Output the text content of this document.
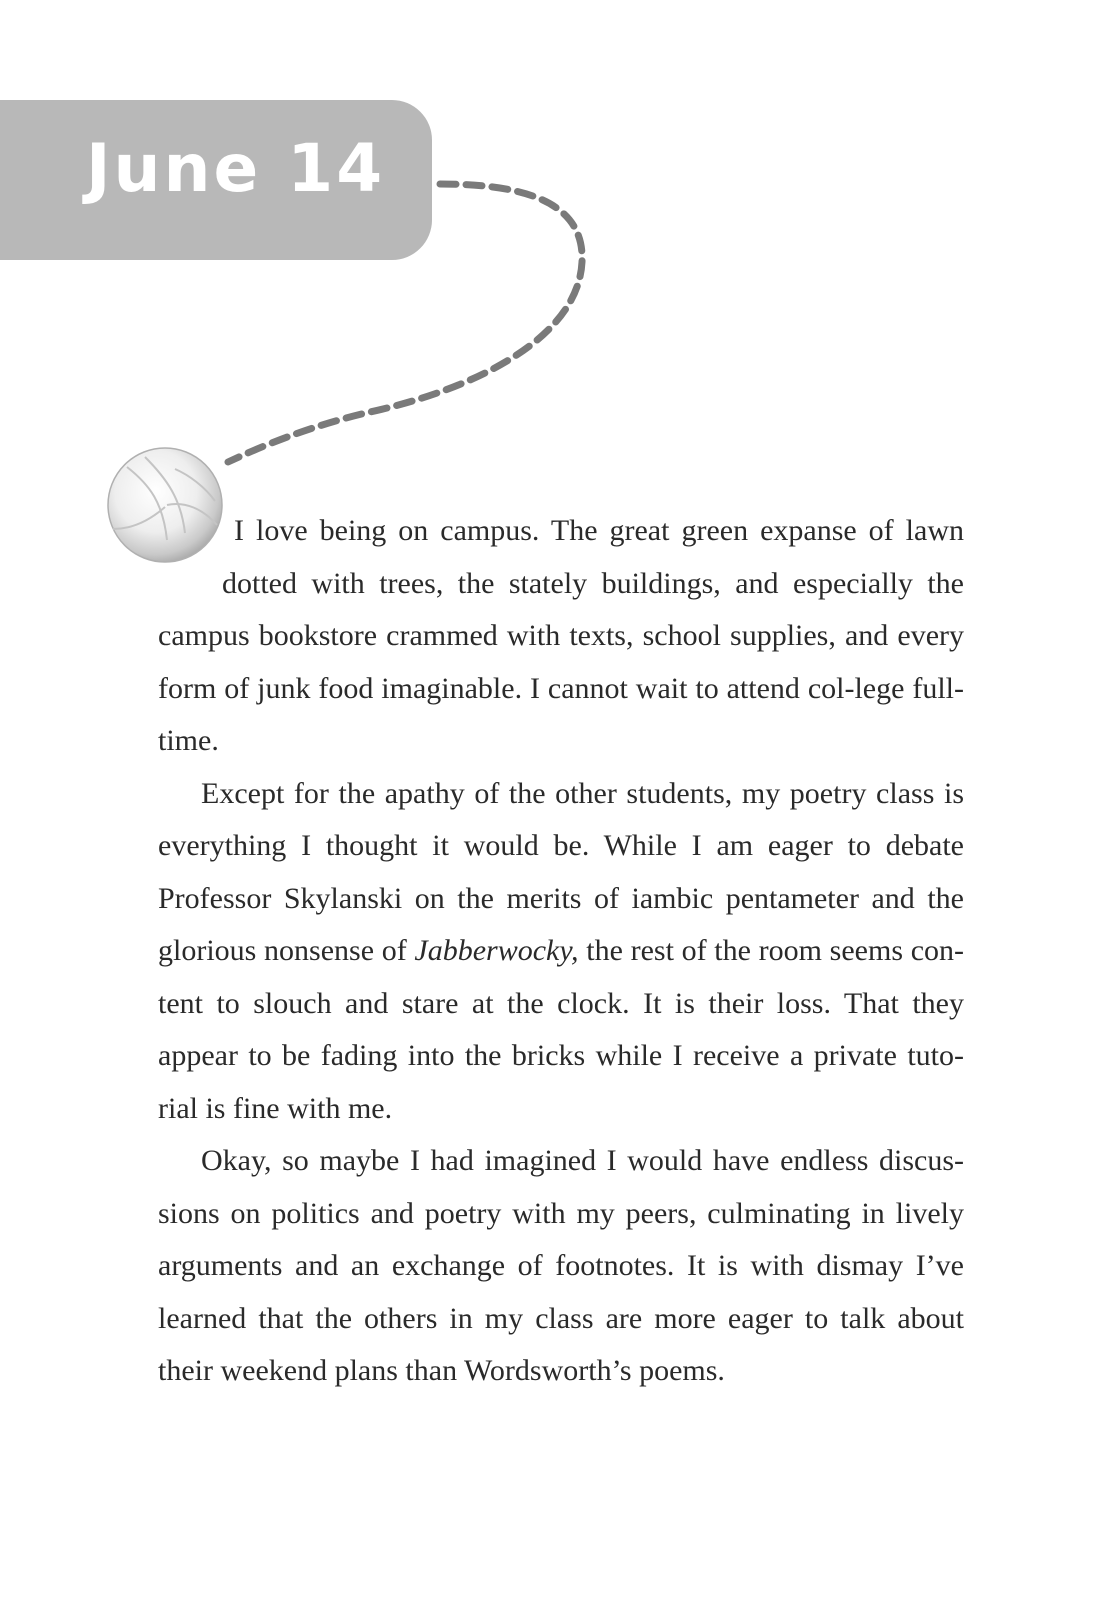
June 14

I love being on campus. The great green expanse of lawn dotted with trees, the stately buildings, and especially the campus bookstore crammed with texts, school supplies, and every form of junk food imaginable. I cannot wait to attend col-lege full-time.

Except for the apathy of the other students, my poetry class is everything I thought it would be. While I am eager to debate Professor Skylanski on the merits of iambic pentameter and the glorious nonsense of Jabberwocky, the rest of the room seems con-tent to slouch and stare at the clock. It is their loss. That they appear to be fading into the bricks while I receive a private tuto-rial is fine with me.

Okay, so maybe I had imagined I would have endless discus-sions on politics and poetry with my peers, culminating in lively arguments and an exchange of footnotes. It is with dismay I’ve learned that the others in my class are more eager to talk about their weekend plans than Wordsworth’s poems.
